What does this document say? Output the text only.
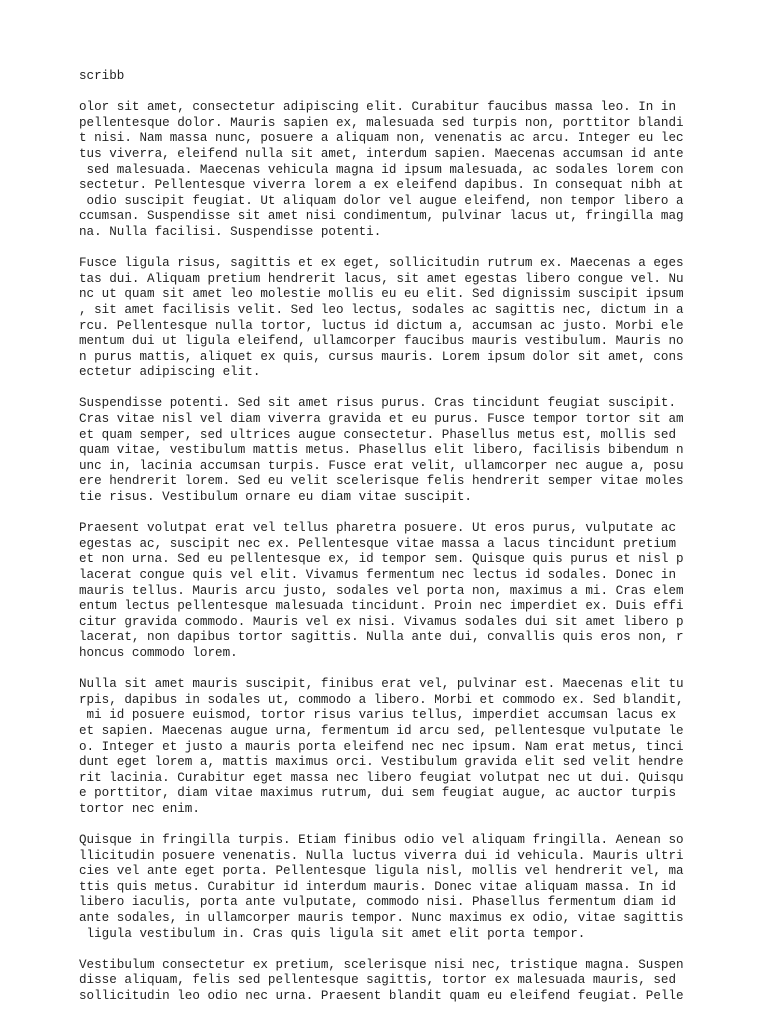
scribb
olor sit amet, consectetur adipiscing elit. Curabitur faucibus massa leo. In in
pellentesque dolor. Mauris sapien ex, malesuada sed turpis non, porttitor blandi
t nisi. Nam massa nunc, posuere a aliquam non, venenatis ac arcu. Integer eu lec
tus viverra, eleifend nulla sit amet, interdum sapien. Maecenas accumsan id ante
sed malesuada. Maecenas vehicula magna id ipsum malesuada, ac sodales lorem con
sectetur. Pellentesque viverra lorem a ex eleifend dapibus. In consequat nibh at
odio suscipit feugiat. Ut aliquam dolor vel augue eleifend, non tempor libero a
ccumsan. Suspendisse sit amet nisi condimentum, pulvinar lacus ut, fringilla mag
na. Nulla facilisi. Suspendisse potenti.
Fusce ligula risus, sagittis et ex eget, sollicitudin rutrum ex. Maecenas a eges
tas dui. Aliquam pretium hendrerit lacus, sit amet egestas libero congue vel. Nu
nc ut quam sit amet leo molestie mollis eu eu elit. Sed dignissim suscipit ipsum
, sit amet facilisis velit. Sed leo lectus, sodales ac sagittis nec, dictum in a
rcu. Pellentesque nulla tortor, luctus id dictum a, accumsan ac justo. Morbi ele
mentum dui ut ligula eleifend, ullamcorper faucibus mauris vestibulum. Mauris no
n purus mattis, aliquet ex quis, cursus mauris. Lorem ipsum dolor sit amet, cons
ectetur adipiscing elit.
Suspendisse potenti. Sed sit amet risus purus. Cras tincidunt feugiat suscipit.
Cras vitae nisl vel diam viverra gravida et eu purus. Fusce tempor tortor sit am
et quam semper, sed ultrices augue consectetur. Phasellus metus est, mollis sed
quam vitae, vestibulum mattis metus. Phasellus elit libero, facilisis bibendum n
unc in, lacinia accumsan turpis. Fusce erat velit, ullamcorper nec augue a, posu
ere hendrerit lorem. Sed eu velit scelerisque felis hendrerit semper vitae moles
tie risus. Vestibulum ornare eu diam vitae suscipit.
Praesent volutpat erat vel tellus pharetra posuere. Ut eros purus, vulputate ac
egestas ac, suscipit nec ex. Pellentesque vitae massa a lacus tincidunt pretium
et non urna. Sed eu pellentesque ex, id tempor sem. Quisque quis purus et nisl p
lacerat congue quis vel elit. Vivamus fermentum nec lectus id sodales. Donec in
mauris tellus. Mauris arcu justo, sodales vel porta non, maximus a mi. Cras elem
entum lectus pellentesque malesuada tincidunt. Proin nec imperdiet ex. Duis effi
citur gravida commodo. Mauris vel ex nisi. Vivamus sodales dui sit amet libero p
lacerat, non dapibus tortor sagittis. Nulla ante dui, convallis quis eros non, r
honcus commodo lorem.
Nulla sit amet mauris suscipit, finibus erat vel, pulvinar est. Maecenas elit tu
rpis, dapibus in sodales ut, commodo a libero. Morbi et commodo ex. Sed blandit,
mi id posuere euismod, tortor risus varius tellus, imperdiet accumsan lacus ex
et sapien. Maecenas augue urna, fermentum id arcu sed, pellentesque vulputate le
o. Integer et justo a mauris porta eleifend nec nec ipsum. Nam erat metus, tinci
dunt eget lorem a, mattis maximus orci. Vestibulum gravida elit sed velit hendre
rit lacinia. Curabitur eget massa nec libero feugiat volutpat nec ut dui. Quisqu
e porttitor, diam vitae maximus rutrum, dui sem feugiat augue, ac auctor turpis
tortor nec enim.
Quisque in fringilla turpis. Etiam finibus odio vel aliquam fringilla. Aenean so
llicitudin posuere venenatis. Nulla luctus viverra dui id vehicula. Mauris ultri
cies vel ante eget porta. Pellentesque ligula nisl, mollis vel hendrerit vel, ma
ttis quis metus. Curabitur id interdum mauris. Donec vitae aliquam massa. In id
libero iaculis, porta ante vulputate, commodo nisi. Phasellus fermentum diam id
ante sodales, in ullamcorper mauris tempor. Nunc maximus ex odio, vitae sagittis
ligula vestibulum in. Cras quis ligula sit amet elit porta tempor.
Vestibulum consectetur ex pretium, scelerisque nisi nec, tristique magna. Suspen
disse aliquam, felis sed pellentesque sagittis, tortor ex malesuada mauris, sed
sollicitudin leo odio nec urna. Praesent blandit quam eu eleifend feugiat. Pelle
